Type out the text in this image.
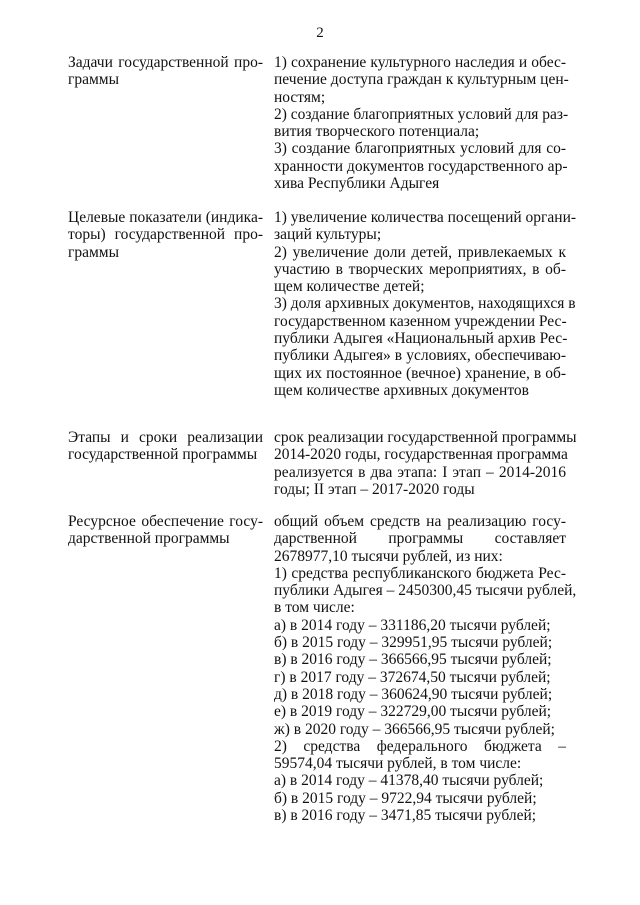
2
Задачи государственной про-
граммы
1) сохранение культурного наследия и обес-
печение доступа граждан к культурным цен-
ностям;
2) создание благоприятных условий для раз-
вития творческого потенциала;
3) создание благоприятных условий для со-
хранности документов государственного ар-
хива Республики Адыгея
Целевые показатели (индика-
торы) государственной про-
граммы
1) увеличение количества посещений органи-
заций культуры;
2) увеличение доли детей, привлекаемых к
участию в творческих мероприятиях, в об-
щем количестве детей;
3) доля архивных документов, находящихся в
государственном казенном учреждении Рес-
публики Адыгея «Национальный архив Рес-
публики Адыгея» в условиях, обеспечиваю-
щих их постоянное (вечное) хранение, в об-
щем количестве архивных документов
Этапы и сроки реализации
государственной программы
срок реализации государственной программы
2014-2020 годы, государственная программа
реализуется в два этапа: I этап – 2014-2016
годы; II этап – 2017-2020 годы
Ресурсное обеспечение госу-
дарственной программы
общий объем средств на реализацию госу-
дарственной программы составляет
2678977,10 тысячи рублей, из них:
1) средства республиканского бюджета Рес-
публики Адыгея – 2450300,45 тысячи рублей,
в том числе:
а) в 2014 году – 331186,20 тысячи рублей;
б) в 2015 году – 329951,95 тысячи рублей;
в) в 2016 году – 366566,95 тысячи рублей;
г) в 2017 году – 372674,50 тысячи рублей;
д) в 2018 году – 360624,90 тысячи рублей;
е) в 2019 году – 322729,00 тысячи рублей;
ж) в 2020 году – 366566,95 тысячи рублей;
2) средства федерального бюджета –
59574,04 тысячи рублей, в том числе:
а) в 2014 году – 41378,40 тысячи рублей;
б) в 2015 году – 9722,94 тысячи рублей;
в) в 2016 году – 3471,85 тысячи рублей;
